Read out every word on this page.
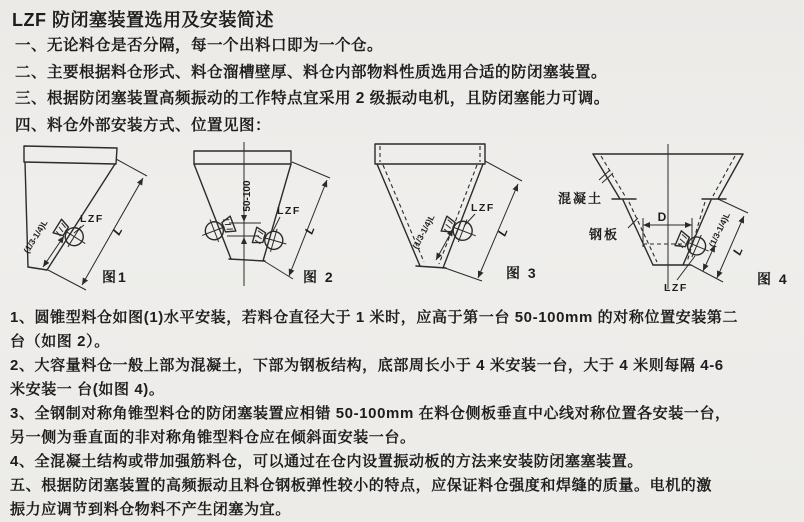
LZF 防闭塞装置选用及安装简述
一、无论料仓是否分隔，每一个出料口即为一个仓。
二、主要根据料仓形式、料仓溜槽壁厚、料仓内部物料性质选用合适的防闭塞装置。
三、根据防闭塞装置高频振动的工作特点宜采用 2 级振动电机，且防闭塞能力可调。
四、料仓外部安装方式、位置见图：
L
(1/3-1/4)L	LZF
图1
50-100
L
LZF
图 2
(1/3-1/4)L	L
LZF
图 3
混凝土
钢板
D	(1/3-1/4)L
L
LZF
图 4
1、圆锥型料仓如图(1)水平安装，若料仓直径大于 1 米时，应高于第一台 50-100mm 的对称位置安装第二
台（如图 2）。
2、大容量料仓一般上部为混凝土，下部为钢板结构，底部周长小于 4 米安装一台，大于 4 米则每隔 4-6
米安装一 台(如图 4)。
3、全钢制对称角锥型料仓的防闭塞装置应相错 50-100mm 在料仓侧板垂直中心线对称位置各安装一台，
另一侧为垂直面的非对称角锥型料仓应在倾斜面安装一台。
4、全混凝土结构或带加强筋料仓，可以通过在仓内设置振动板的方法来安装防闭塞塞装置。
五、根据防闭塞装置的高频振动且料仓钢板弹性较小的特点，应保证料仓强度和焊缝的质量。电机的激
振力应调节到料仓物料不产生闭塞为宜。
